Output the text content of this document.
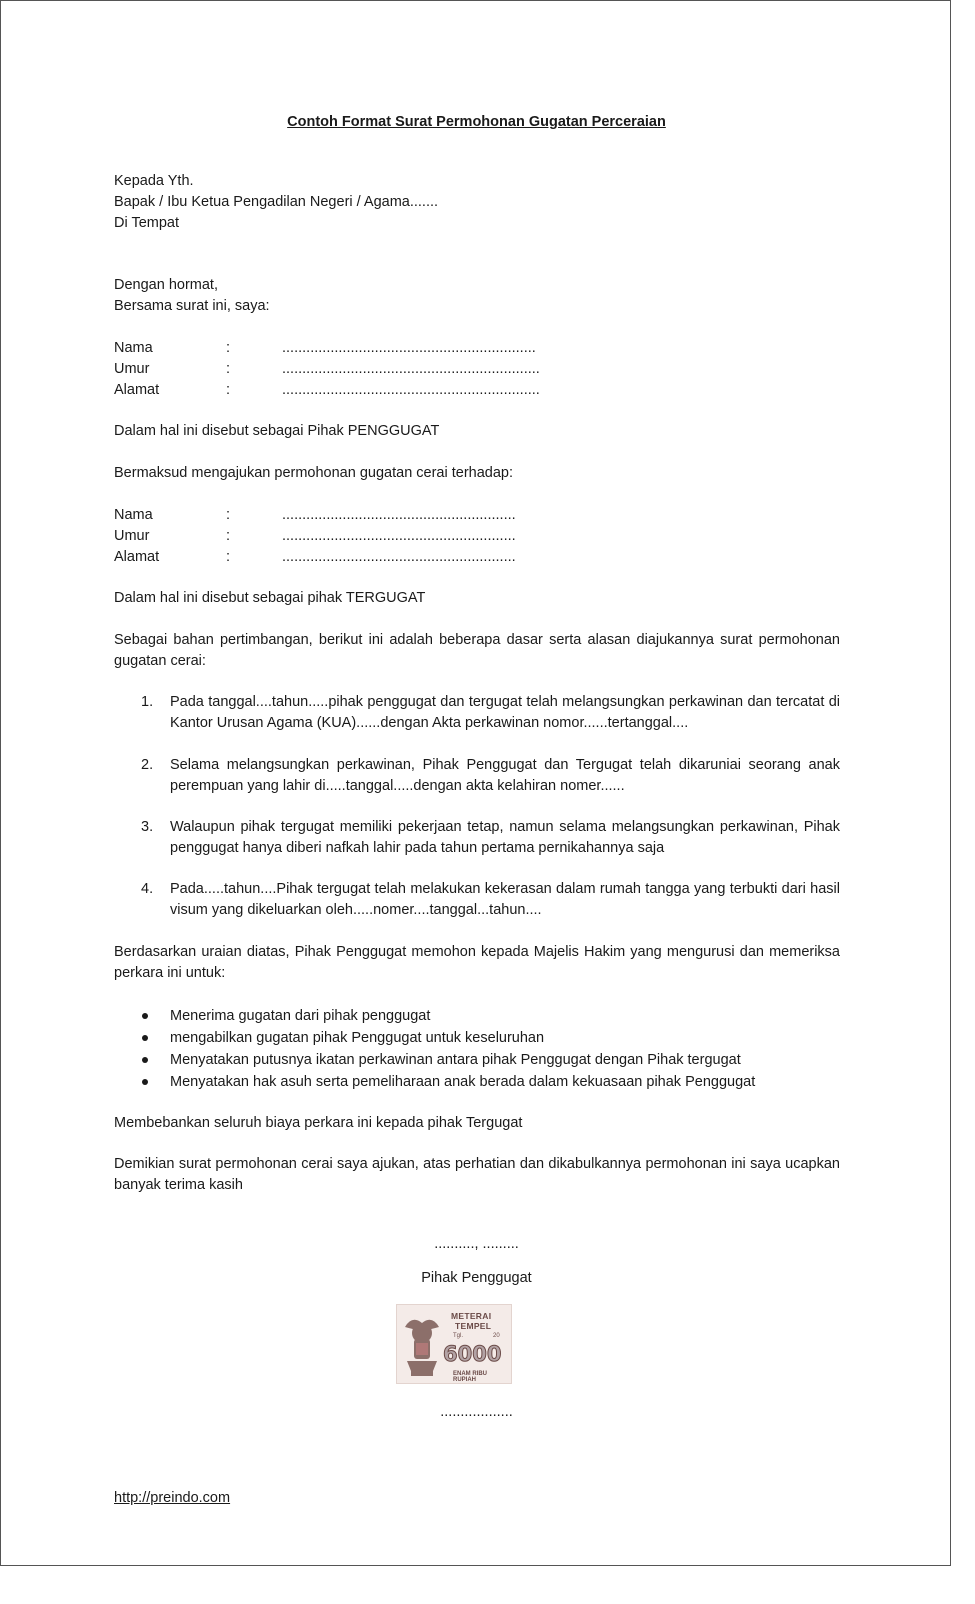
Contoh Format Surat Permohonan Gugatan Perceraian
Kepada Yth.
Bapak / Ibu Ketua Pengadilan Negeri / Agama.......
Di Tempat
Dengan hormat,
Bersama surat ini, saya:
Nama	:	...............................................................
Umur	:	................................................................
Alamat	:	................................................................
Dalam hal ini disebut sebagai Pihak PENGGUGAT
Bermaksud mengajukan permohonan gugatan cerai terhadap:
Nama	:	..........................................................
Umur	:	..........................................................
Alamat	:	..........................................................
Dalam hal ini disebut sebagai pihak TERGUGAT
Sebagai bahan pertimbangan, berikut ini adalah beberapa dasar serta alasan diajukannya surat permohonan gugatan cerai:
1. Pada tanggal....tahun.....pihak penggugat dan tergugat telah melangsungkan perkawinan dan tercatat di Kantor Urusan Agama (KUA)......dengan Akta perkawinan nomor......tertanggal....
2. Selama melangsungkan perkawinan, Pihak Penggugat dan Tergugat telah dikaruniai seorang anak perempuan yang lahir di.....tanggal.....dengan akta kelahiran nomer......
3. Walaupun pihak tergugat memiliki pekerjaan tetap, namun selama melangsungkan perkawinan, Pihak penggugat hanya diberi nafkah lahir pada tahun pertama pernikahannya saja
4. Pada.....tahun....Pihak tergugat telah melakukan kekerasan dalam rumah tangga yang terbukti dari hasil visum yang dikeluarkan oleh.....nomer....tanggal...tahun....
Berdasarkan uraian diatas, Pihak Penggugat memohon kepada Majelis Hakim yang mengurusi dan memeriksa perkara ini untuk:
Menerima gugatan dari pihak penggugat
mengabilkan gugatan pihak Penggugat untuk keseluruhan
Menyatakan putusnya ikatan perkawinan antara pihak Penggugat dengan Pihak tergugat
Menyatakan hak asuh serta pemeliharaan anak berada dalam kekuasaan pihak Penggugat
Membebankan seluruh biaya perkara ini kepada pihak Tergugat
Demikian surat permohonan cerai saya ajukan, atas perhatian dan dikabulkannya permohonan ini saya ucapkan banyak terima kasih
.........., .........
Pihak Penggugat
METERAI
TEMPEL
Tgl.	20
6000
ENAM RIBU RUPIAH
..................
http://preindo.com
